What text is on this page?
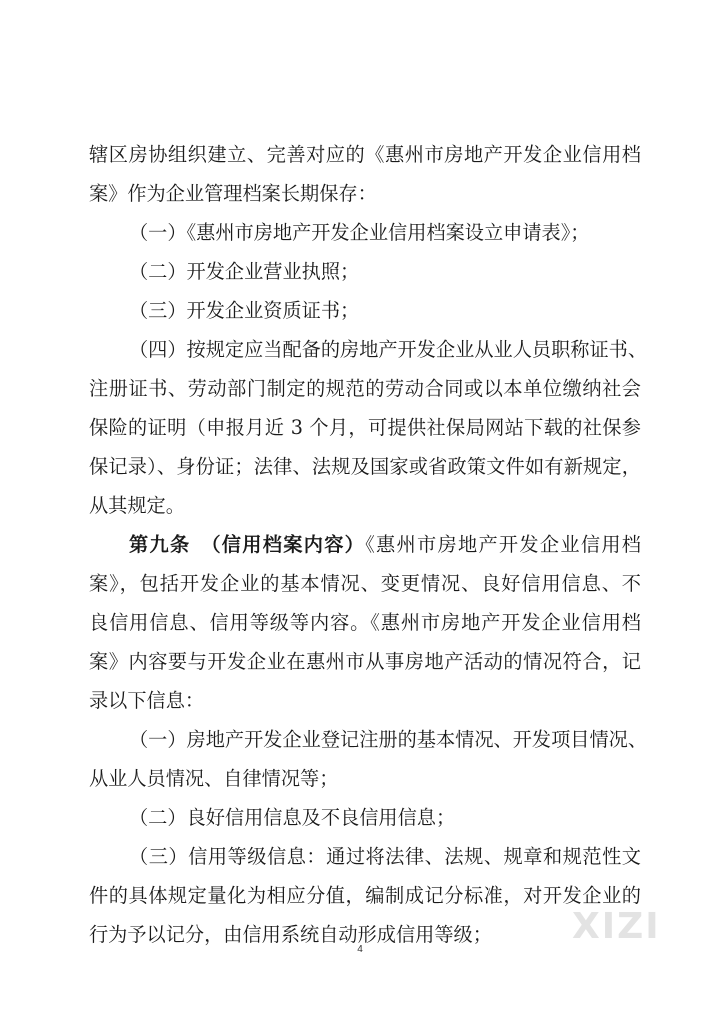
辖区房协组织建立、完善对应的《惠州市房地产开发企业信用档
案》作为企业管理档案长期保存：
（一）《惠州市房地产开发企业信用档案设立申请表》；
（二）开发企业营业执照；
（三）开发企业资质证书；
（四）按规定应当配备的房地产开发企业从业人员职称证书、
注册证书、劳动部门制定的规范的劳动合同或以本单位缴纳社会
保险的证明（申报月近 3 个月，可提供社保局网站下载的社保参
保记录）、身份证；法律、法规及国家或省政策文件如有新规定，
从其规定。
第九条　（信用档案内容）《惠州市房地产开发企业信用档
案》，包括开发企业的基本情况、变更情况、良好信用信息、不
良信用信息、信用等级等内容。《惠州市房地产开发企业信用档
案》内容要与开发企业在惠州市从事房地产活动的情况符合，记
录以下信息：
（一）房地产开发企业登记注册的基本情况、开发项目情况、
从业人员情况、自律情况等；
（二）良好信用信息及不良信用信息；
（三）信用等级信息：通过将法律、法规、规章和规范性文
件的具体规定量化为相应分值，编制成记分标准，对开发企业的
行为予以记分，由信用系统自动形成信用等级；
4
XIZI
